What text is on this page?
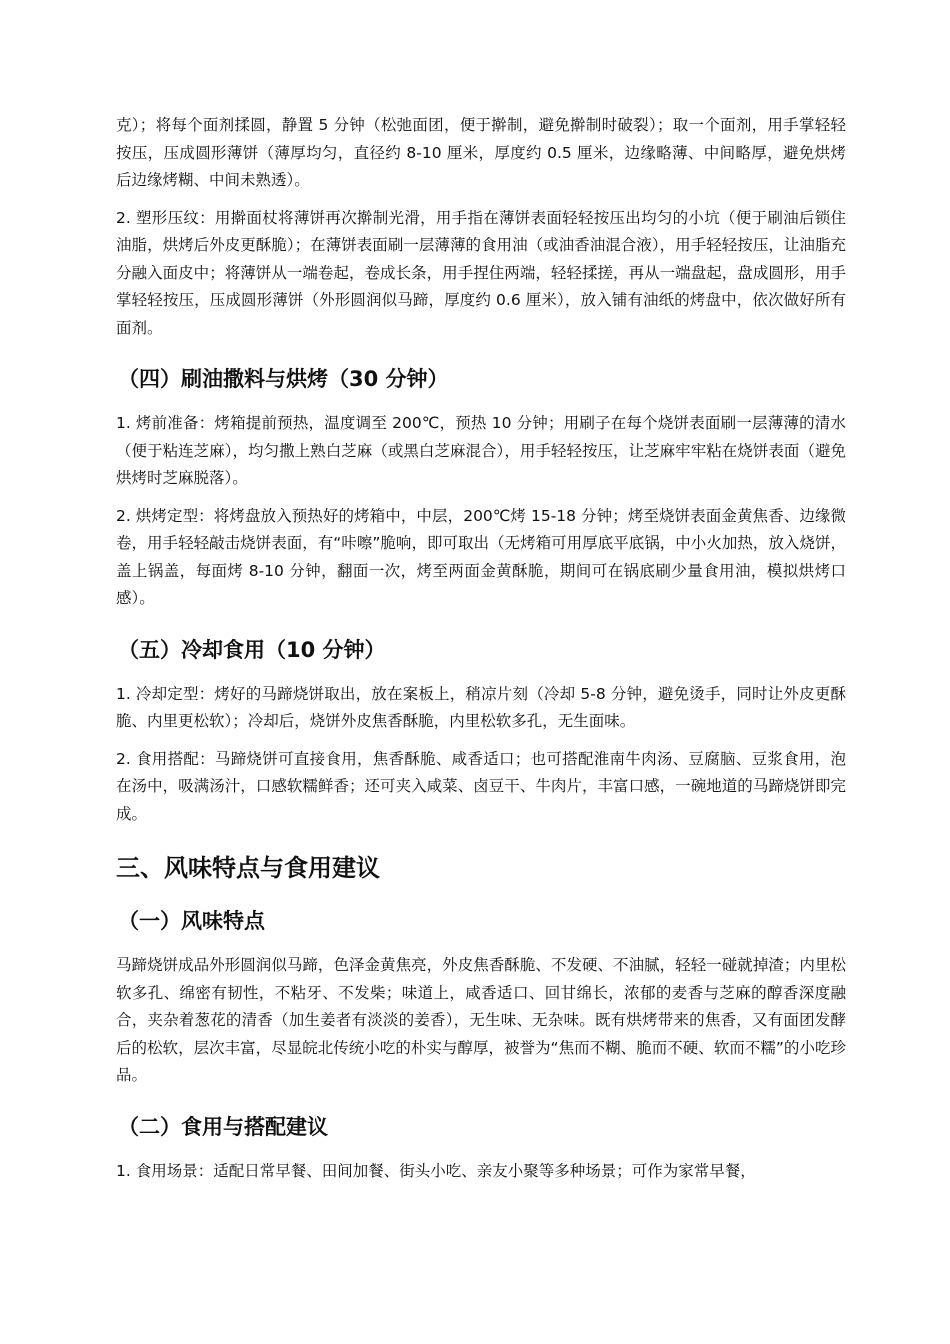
克）；将每个面剂揉圆，静置 5 分钟（松弛面团，便于擀制，避免擀制时破裂）；取一个面剂，用手掌轻轻按压，压成圆形薄饼（薄厚均匀，直径约 8-10 厘米，厚度约 0.5 厘米，边缘略薄、中间略厚，避免烘烤后边缘烤糊、中间未熟透）。

2. 塑形压纹：用擀面杖将薄饼再次擀制光滑，用手指在薄饼表面轻轻按压出均匀的小坑（便于刷油后锁住油脂，烘烤后外皮更酥脆）；在薄饼表面刷一层薄薄的食用油（或油香油混合液），用手轻轻按压，让油脂充分融入面皮中；将薄饼从一端卷起，卷成长条，用手捏住两端，轻轻揉搓，再从一端盘起，盘成圆形，用手掌轻轻按压，压成圆形薄饼（外形圆润似马蹄，厚度约 0.6 厘米），放入铺有油纸的烤盘中，依次做好所有面剂。

（四）刷油撒料与烘烤（30 分钟）

1. 烤前准备：烤箱提前预热，温度调至 200℃，预热 10 分钟；用刷子在每个烧饼表面刷一层薄薄的清水（便于粘连芝麻），均匀撒上熟白芝麻（或黑白芝麻混合），用手轻轻按压，让芝麻牢牢粘在烧饼表面（避免烘烤时芝麻脱落）。

2. 烘烤定型：将烤盘放入预热好的烤箱中，中层，200℃烤 15-18 分钟；烤至烧饼表面金黄焦香、边缘微卷，用手轻轻敲击烧饼表面，有“咔嚓”脆响，即可取出（无烤箱可用厚底平底锅，中小火加热，放入烧饼，盖上锅盖，每面烤 8-10 分钟，翻面一次，烤至两面金黄酥脆，期间可在锅底刷少量食用油，模拟烘烤口感）。

（五）冷却食用（10 分钟）

1. 冷却定型：烤好的马蹄烧饼取出，放在案板上，稍凉片刻（冷却 5-8 分钟，避免烫手，同时让外皮更酥脆、内里更松软）；冷却后，烧饼外皮焦香酥脆，内里松软多孔，无生面味。

2. 食用搭配：马蹄烧饼可直接食用，焦香酥脆、咸香适口；也可搭配淮南牛肉汤、豆腐脑、豆浆食用，泡在汤中，吸满汤汁，口感软糯鲜香；还可夹入咸菜、卤豆干、牛肉片，丰富口感，一碗地道的马蹄烧饼即完成。

三、风味特点与食用建议
（一）风味特点

马蹄烧饼成品外形圆润似马蹄，色泽金黄焦亮，外皮焦香酥脆、不发硬、不油腻，轻轻一碰就掉渣；内里松软多孔、绵密有韧性，不粘牙、不发柴；味道上，咸香适口、回甘绵长，浓郁的麦香与芝麻的醇香深度融合，夹杂着葱花的清香（加生姜者有淡淡的姜香），无生味、无杂味。既有烘烤带来的焦香，又有面团发酵后的松软，层次丰富，尽显皖北传统小吃的朴实与醇厚，被誉为“焦而不糊、脆而不硬、软而不糯”的小吃珍品。

（二）食用与搭配建议

1. 食用场景：适配日常早餐、田间加餐、街头小吃、亲友小聚等多种场景；可作为家常早餐，
